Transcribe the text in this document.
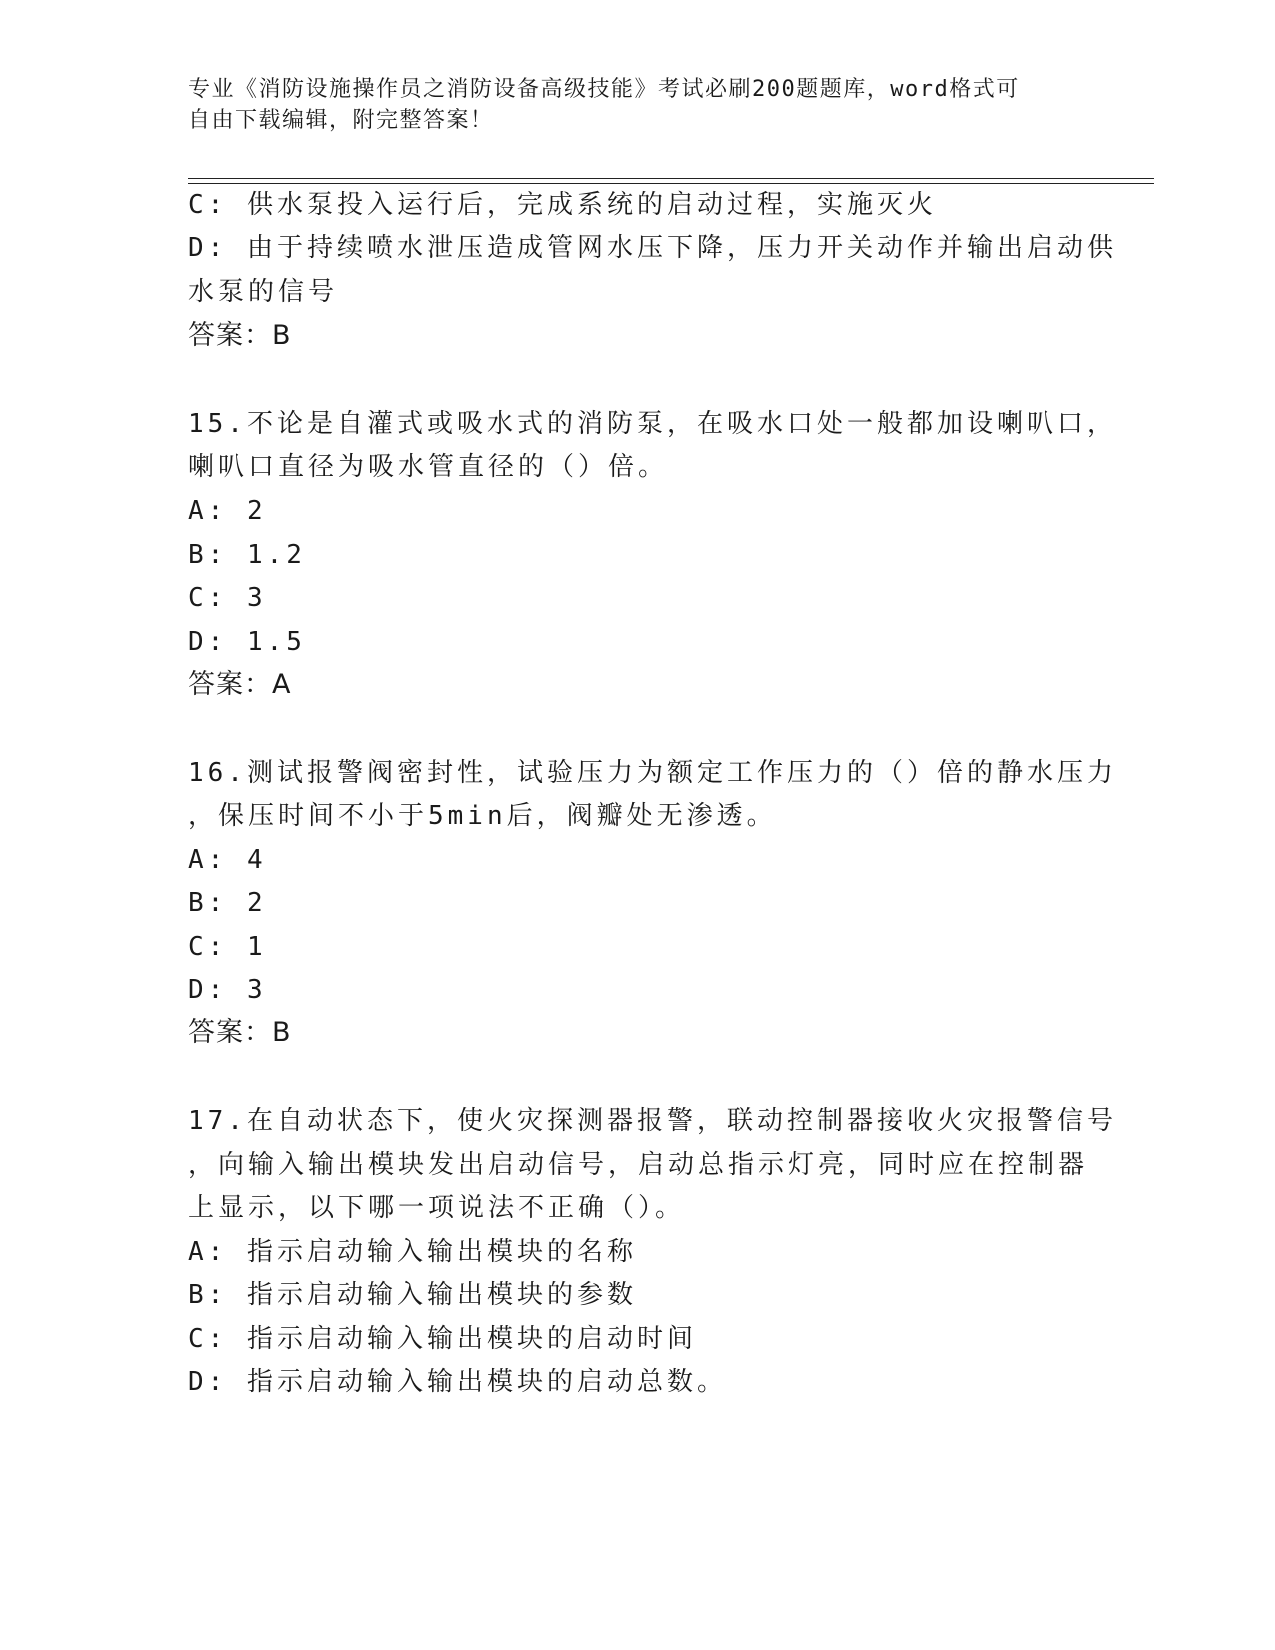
专业《消防设施操作员之消防设备高级技能》考试必刷200题题库，word格式可
自由下载编辑，附完整答案！
C: 供水泵投入运行后，完成系统的启动过程，实施灭火
D: 由于持续喷水泄压造成管网水压下降，压力开关动作并输出启动供
水泵的信号
答案：B
15.不论是自灌式或吸水式的消防泵，在吸水口处一般都加设喇叭口，
喇叭口直径为吸水管直径的（）倍。
A: 2
B: 1.2
C: 3
D: 1.5
答案：A
16.测试报警阀密封性，试验压力为额定工作压力的（）倍的静水压力
，保压时间不小于5min后，阀瓣处无渗透。
A: 4
B: 2
C: 1
D: 3
答案：B
17.在自动状态下，使火灾探测器报警，联动控制器接收火灾报警信号
，向输入输出模块发出启动信号，启动总指示灯亮，同时应在控制器
上显示，以下哪一项说法不正确（）。
A: 指示启动输入输出模块的名称
B: 指示启动输入输出模块的参数
C: 指示启动输入输出模块的启动时间
D: 指示启动输入输出模块的启动总数。
